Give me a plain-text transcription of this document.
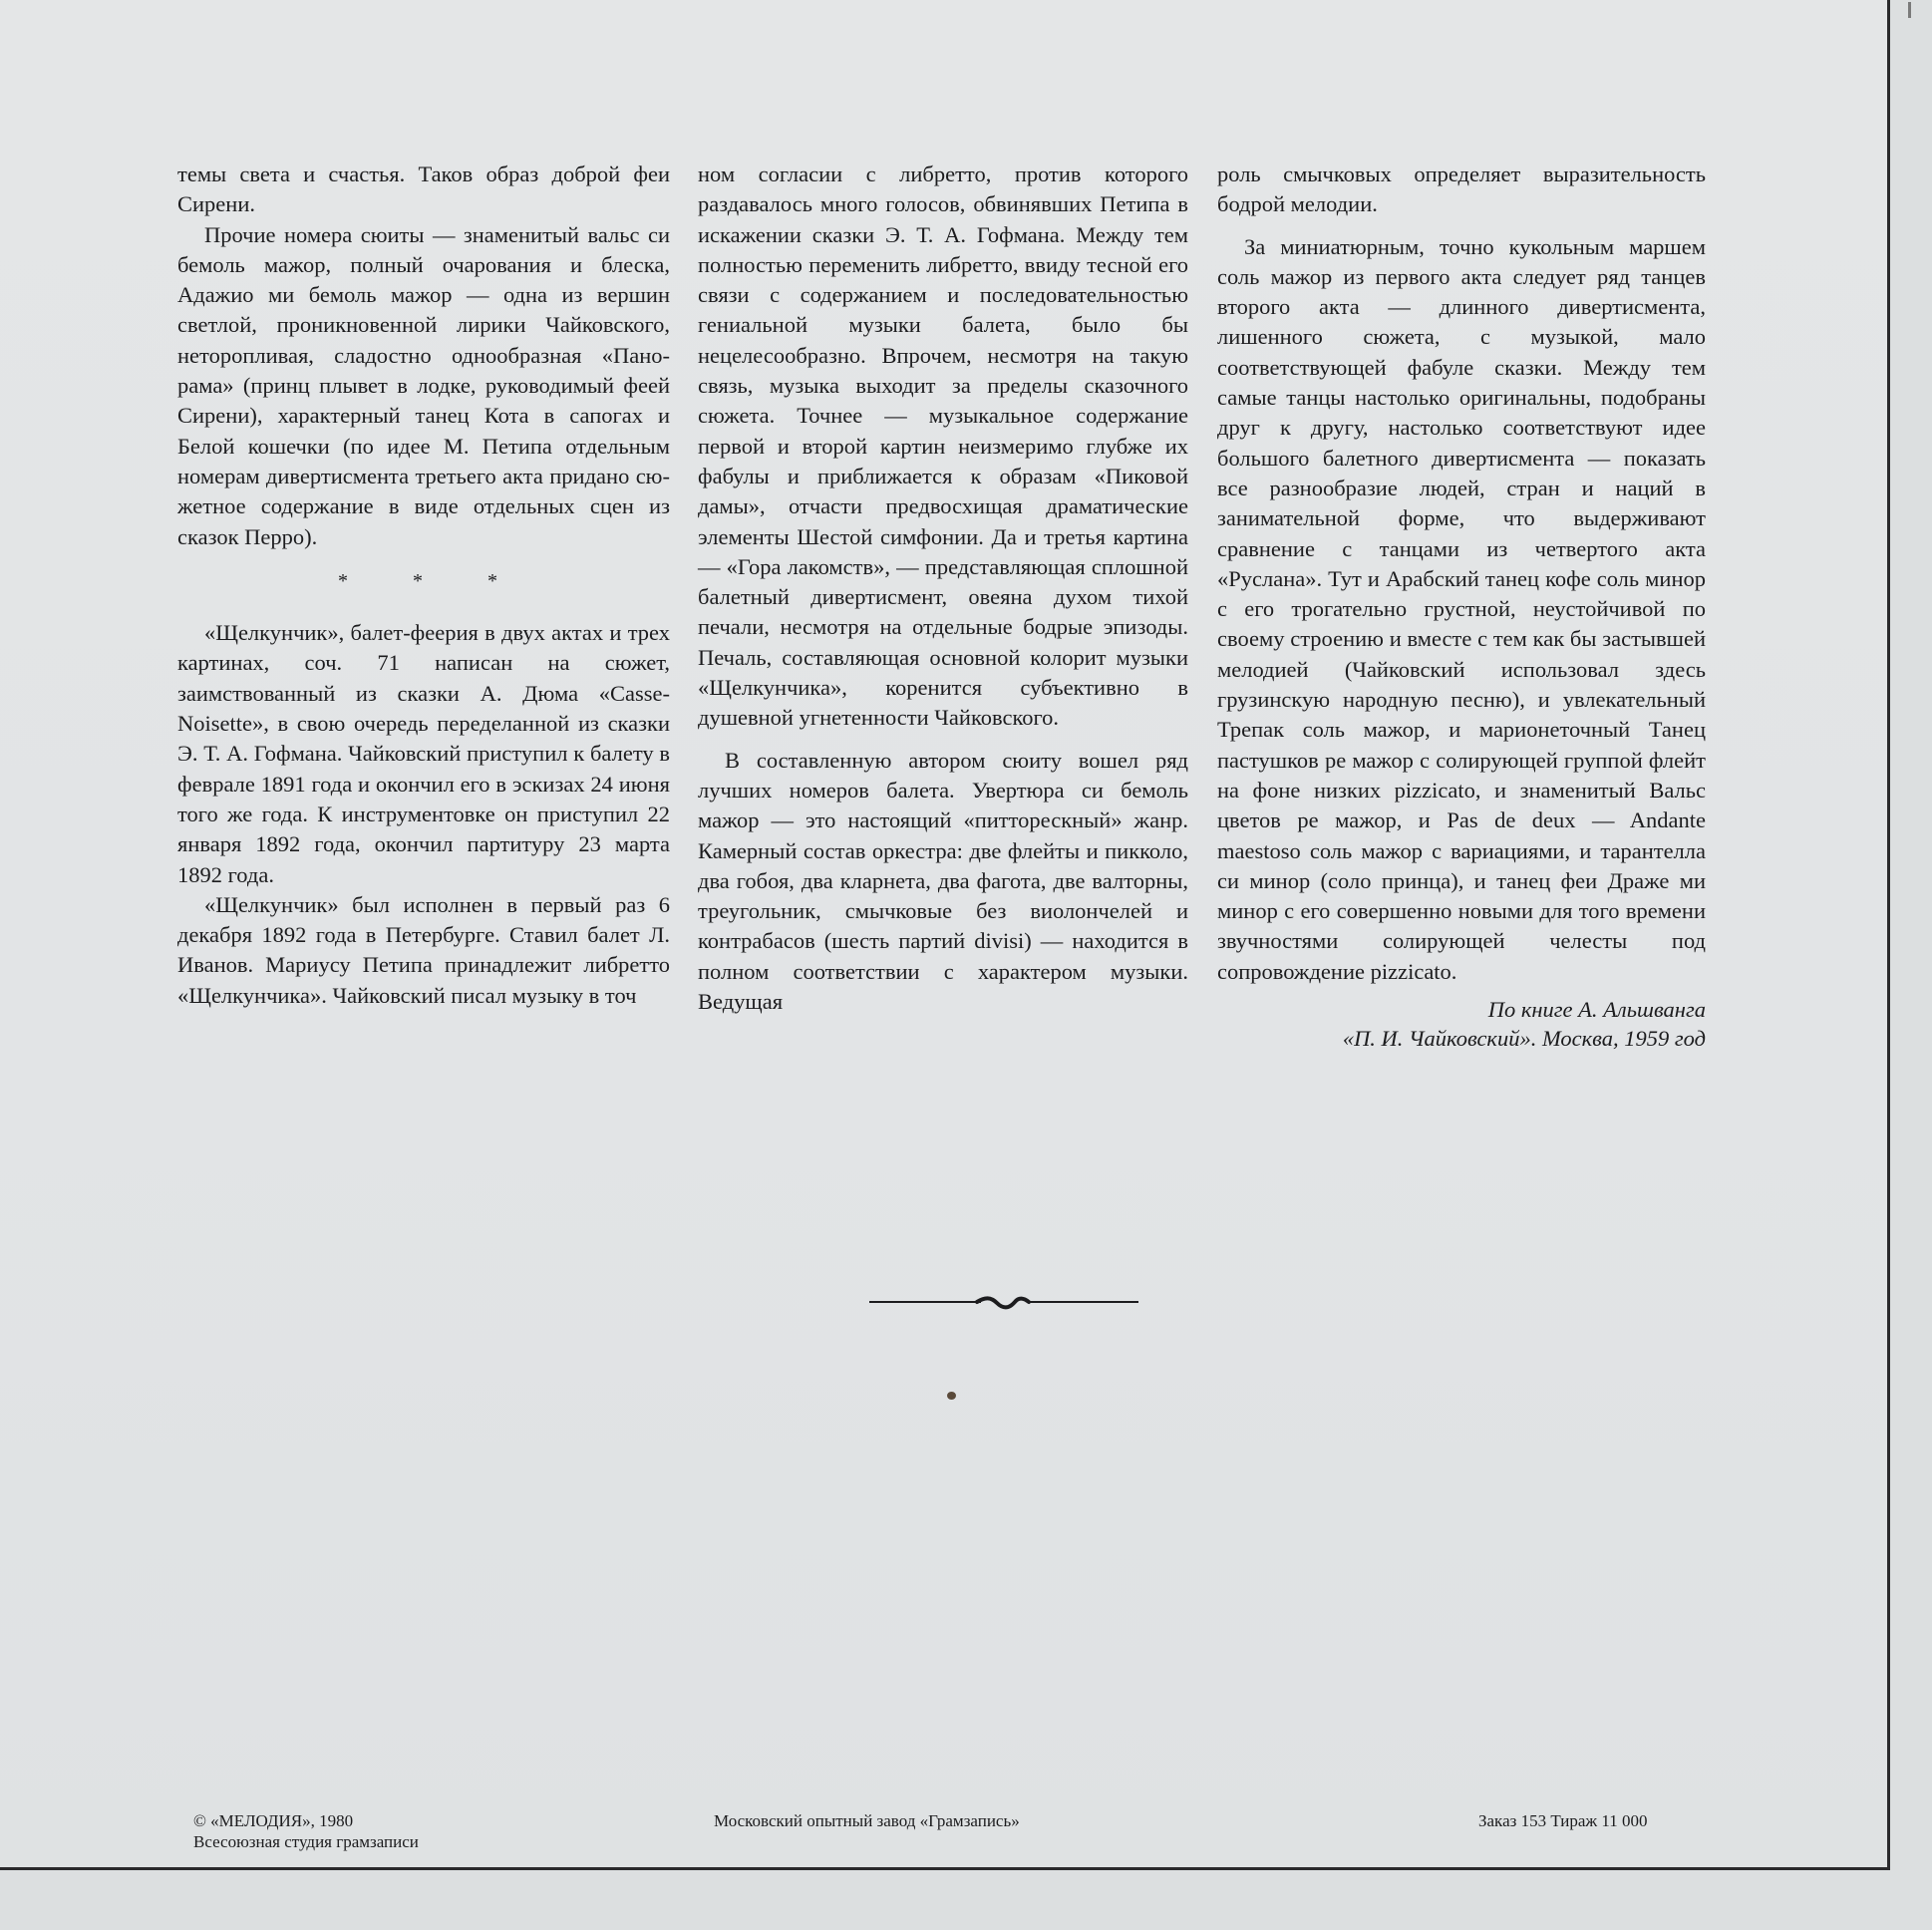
темы света и счастья. Таков образ доброй феи Сирени.

Прочие номера сюиты — знаменитый вальс си бемоль мажор, полный очарования и блеска, Адажио ми бемоль мажор — одна из вершин светлой, проникновенной лирики Чайковского, неторопливая, сладостно однообразная «Панорама» (принц плывет в лодке, руководимый феей Сирени), характерный танец Кота в сапогах и Белой кошечки (по идее М. Петипа отдельным номерам дивертисмента третьего акта придано сюжетное содержание в виде отдельных сцен из сказок Перро).

* * *

«Щелкунчик», балет-феерия в двух актах и трех картинах, соч. 71 написан на сюжет, заимствованный из сказки А. Дюма «Casse-Noisette», в свою очередь переделанной из сказки Э. Т. А. Гофмана. Чайковский приступил к балету в феврале 1891 года и окончил его в эскизах 24 июня того же года. К инструментовке он приступил 22 января 1892 года, окончил партитуру 23 марта 1892 года.

«Щелкунчик» был исполнен в первый раз 6 декабря 1892 года в Петербурге. Ставил балет Л. Иванов. Мариусу Петипа принадлежит либретто «Щелкунчика». Чайковский писал музыку в точ

ном согласии с либретто, против которого раздавалось много голосов, обвинявших Петипа в искажении сказки Э. Т. А. Гофмана. Между тем полностью переменить либретто, ввиду тесной его связи с содержанием и последовательностью гениальной музыки балета, было бы нецелесообразно. Впрочем, несмотря на такую связь, музыка выходит за пределы сказочного сюжета. Точнее — музыкальное содержание первой и второй картин неизмеримо глубже их фабулы и приближается к образам «Пиковой дамы», отчасти предвосхищая драматические элементы Шестой симфонии. Да и третья картина — «Гора лакомств», — представляющая сплошной балетный дивертисмент, овеяна духом тихой печали, несмотря на отдельные бодрые эпизоды. Печаль, составляющая основной колорит музыки «Щелкунчика», коренится субъективно в душевной угнетенности Чайковского.

В составленную автором сюиту вошел ряд лучших номеров балета. Увертюра си бемоль мажор — это настоящий «питторескный» жанр. Камерный состав оркестра: две флейты и пикколо, два гобоя, два кларнета, два фагота, две валторны, треугольник, смычковые без виолончелей и контрабасов (шесть партий divisi) — находится в полном соответствии с характером музыки. Ведущая

роль смычковых определяет выразительность бодрой мелодии.

За миниатюрным, точно кукольным маршем соль мажор из первого акта следует ряд танцев второго акта — длинного дивертисмента, лишенного сюжета, с музыкой, мало соответствующей фабуле сказки. Между тем самые танцы настолько оригинальны, подобраны друг к другу, настолько соответствуют идее большого балетного дивертисмента — показать все разнообразие людей, стран и наций в занимательной форме, что выдерживают сравнение с танцами из четвертого акта «Руслана». Тут и Арабский танец кофе соль минор с его трогательно грустной, неустойчивой по своему строению и вместе с тем как бы застывшей мелодией (Чайковский использовал здесь грузинскую народную песню), и увлекательный Трепак соль мажор, и марионеточный Танец пастушков ре мажор с солирующей группой флейт на фоне низких pizzicato, и знаменитый Вальс цветов ре мажор, и Pas de deux — Andante maestoso соль мажор с вариациями, и тарантелла си минор (соло принца), и танец феи Драже ми минор с его совершенно новыми для того времени звучностями солирующей челесты под сопровождение pizzicato.

По книге А. Альшванга
«П. И. Чайковский». Москва, 1959 год
© «МЕЛОДИЯ», 1980
Всесоюзная студия грамзаписи
Московский опытный завод «Грамзапись»	Заказ 153 Тираж 11 000
